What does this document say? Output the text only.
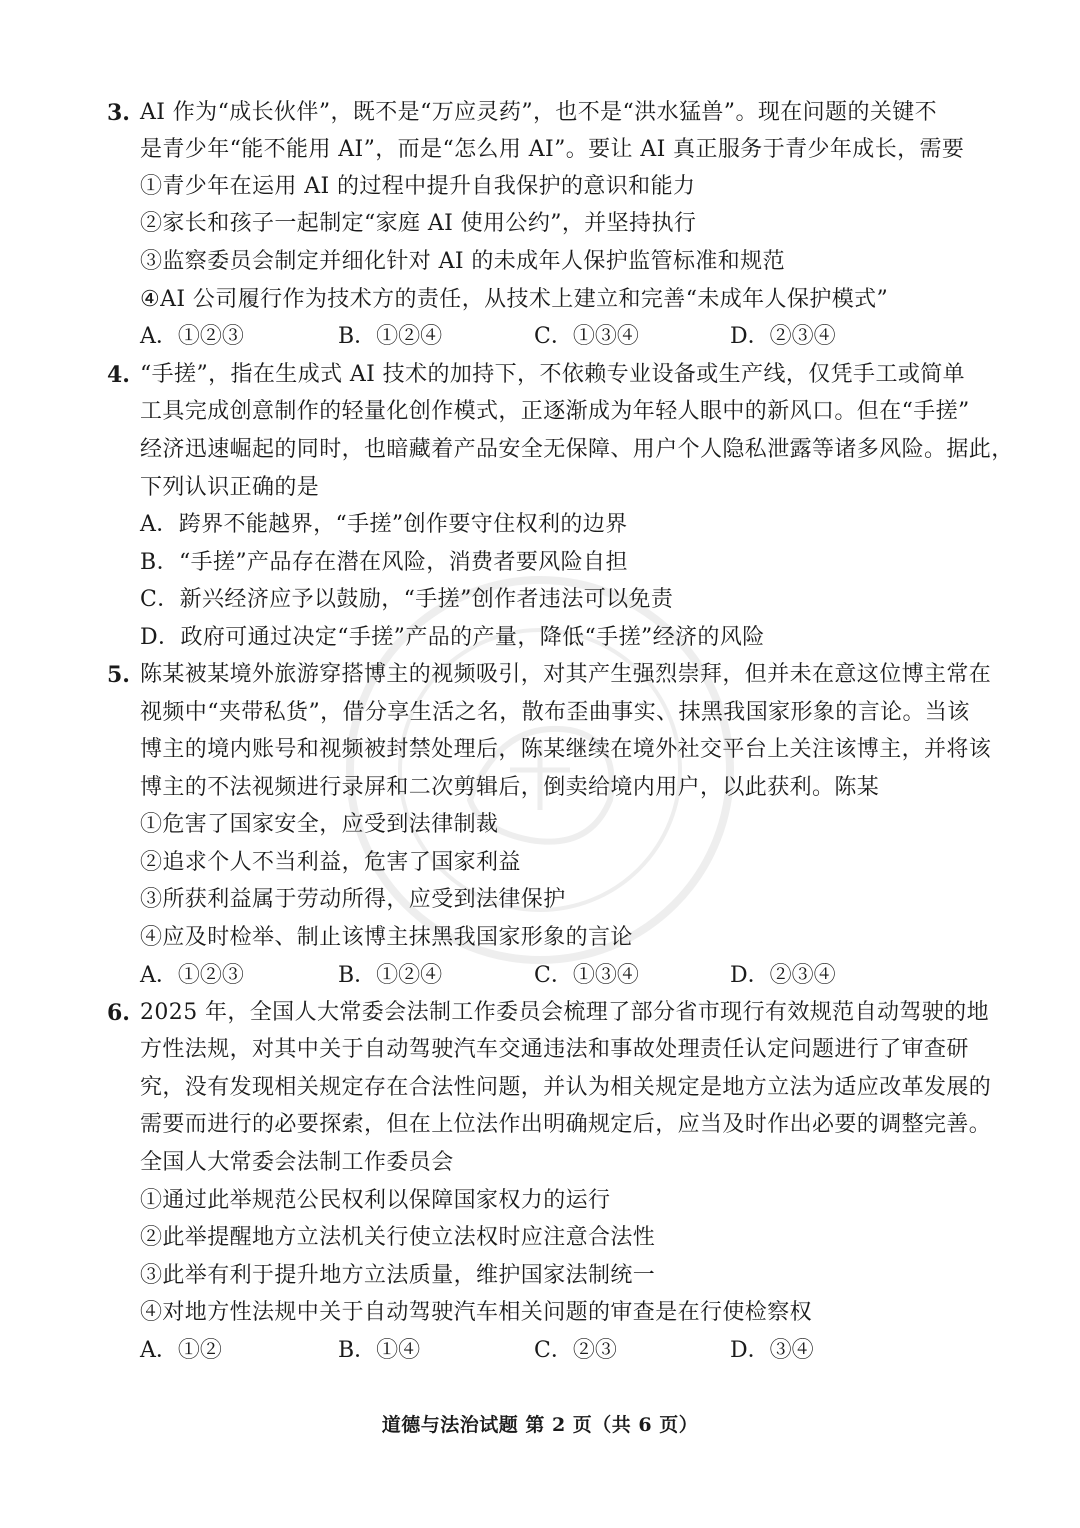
3. AI 作为“成长伙伴”，既不是“万应灵药”，也不是“洪水猛兽”。现在问题的关键不
是青少年“能不能用 AI”，而是“怎么用 AI”。要让 AI 真正服务于青少年成长，需要
①青少年在运用 AI 的过程中提升自我保护的意识和能力
②家长和孩子一起制定“家庭 AI 使用公约”，并坚持执行
③监察委员会制定并细化针对 AI 的未成年人保护监管标准和规范
④AI 公司履行作为技术方的责任，从技术上建立和完善“未成年人保护模式”
A．①②③	B．①②④	C．①③④	D．②③④
4. “手搓”，指在生成式 AI 技术的加持下，不依赖专业设备或生产线，仅凭手工或简单
工具完成创意制作的轻量化创作模式，正逐渐成为年轻人眼中的新风口。但在“手搓”
经济迅速崛起的同时，也暗藏着产品安全无保障、用户个人隐私泄露等诸多风险。据此，
下列认识正确的是
A．跨界不能越界，“手搓”创作要守住权利的边界
B．“手搓”产品存在潜在风险，消费者要风险自担
C．新兴经济应予以鼓励，“手搓”创作者违法可以免责
D．政府可通过决定“手搓”产品的产量，降低“手搓”经济的风险
5. 陈某被某境外旅游穿搭博主的视频吸引，对其产生强烈崇拜，但并未在意这位博主常在
视频中“夹带私货”，借分享生活之名，散布歪曲事实、抹黑我国家形象的言论。当该
博主的境内账号和视频被封禁处理后，陈某继续在境外社交平台上关注该博主，并将该
博主的不法视频进行录屏和二次剪辑后，倒卖给境内用户，以此获利。陈某
①危害了国家安全，应受到法律制裁
②追求个人不当利益，危害了国家利益
③所获利益属于劳动所得，应受到法律保护
④应及时检举、制止该博主抹黑我国家形象的言论
A．①②③	B．①②④	C．①③④	D．②③④
6. 2025 年，全国人大常委会法制工作委员会梳理了部分省市现行有效规范自动驾驶的地
方性法规，对其中关于自动驾驶汽车交通违法和事故处理责任认定问题进行了审查研
究，没有发现相关规定存在合法性问题，并认为相关规定是地方立法为适应改革发展的
需要而进行的必要探索，但在上位法作出明确规定后，应当及时作出必要的调整完善。
全国人大常委会法制工作委员会
①通过此举规范公民权利以保障国家权力的运行
②此举提醒地方立法机关行使立法权时应注意合法性
③此举有利于提升地方立法质量，维护国家法制统一
④对地方性法规中关于自动驾驶汽车相关问题的审查是在行使检察权
A．①②	B．①④	C．②③	D．③④
道德与法治试题 第 2 页（共 6 页）
